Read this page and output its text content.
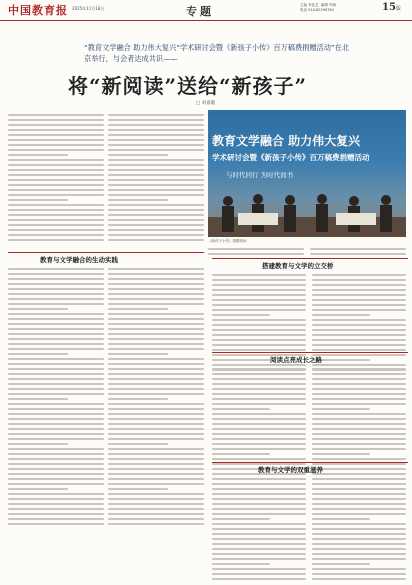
中国教育报 2025年11月18日	专题	主编 李兆艺  编辑 毕晓
电话 010-82296784	15版
“教育文学融合 助力伟大复兴”学术研讨会暨《新孩子小传》百万稿费捐赠活动”在北京举行，与会者达成共识——
将“新阅读”送给“新孩子”
□ 刘嘉璇
教育文学融合 助力伟大复兴
学术研讨会暨《新孩子小传》百万稿费捐赠活动
与时代同行 为时代而书
《新孩子小传》捐赠现场
教育与文学融合的生动实践
搭建教育与文学的立交桥
阅读点亮成长之路
教育与文学的双重滋养
